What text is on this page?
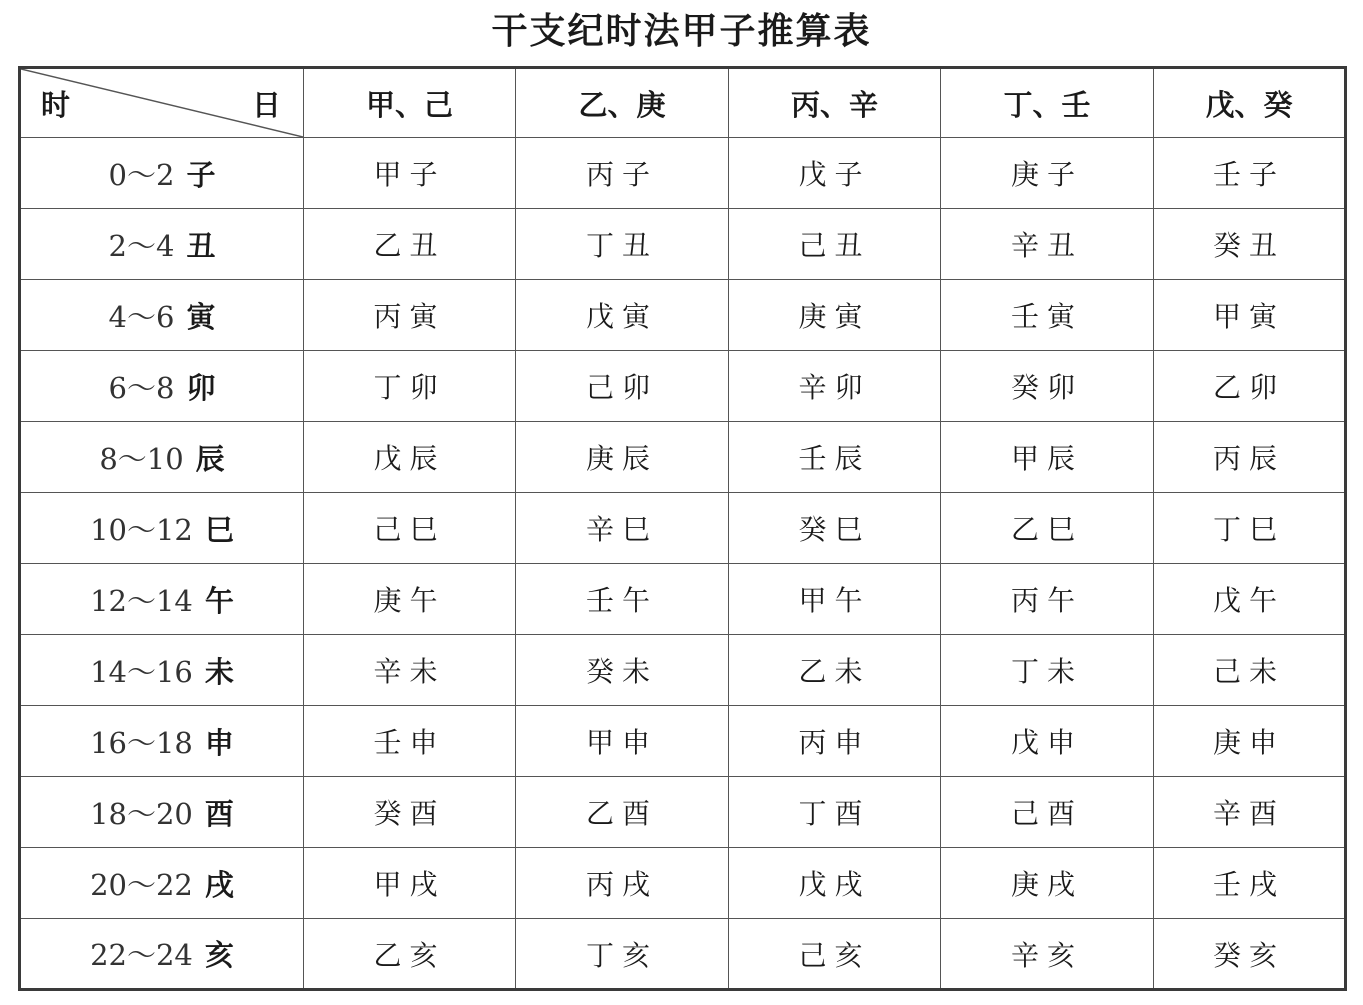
干支纪时法甲子推算表
时 日	甲、己	乙、庚	丙、辛	丁、壬	戊、癸
0～2 子	甲子	丙子	戊子	庚子	壬子
2～4 丑	乙丑	丁丑	己丑	辛丑	癸丑
4～6 寅	丙寅	戊寅	庚寅	壬寅	甲寅
6～8 卯	丁卯	己卯	辛卯	癸卯	乙卯
8～10 辰	戊辰	庚辰	壬辰	甲辰	丙辰
10～12 巳	己巳	辛巳	癸巳	乙巳	丁巳
12～14 午	庚午	壬午	甲午	丙午	戊午
14～16 未	辛未	癸未	乙未	丁未	己未
16～18 申	壬申	甲申	丙申	戊申	庚申
18～20 酉	癸酉	乙酉	丁酉	己酉	辛酉
20～22 戌	甲戌	丙戌	戊戌	庚戌	壬戌
22～24 亥	乙亥	丁亥	己亥	辛亥	癸亥
